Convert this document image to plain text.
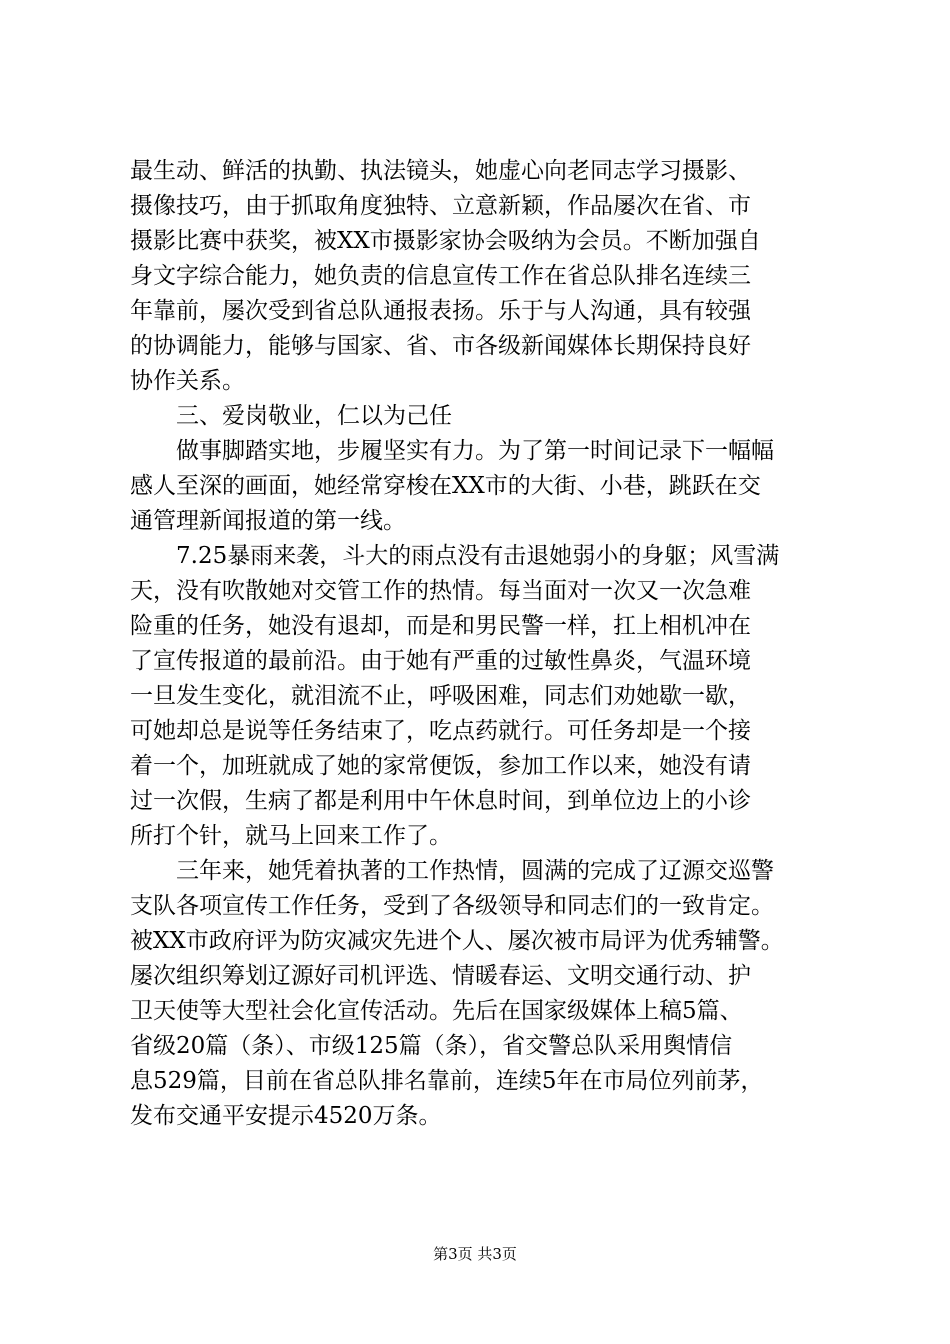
最生动、鲜活的执勤、执法镜头，她虚心向老同志学习摄影、
摄像技巧，由于抓取角度独特、立意新颖，作品屡次在省、市
摄影比赛中获奖，被XX市摄影家协会吸纳为会员。不断加强自
身文字综合能力，她负责的信息宣传工作在省总队排名连续三
年靠前，屡次受到省总队通报表扬。乐于与人沟通，具有较强
的协调能力，能够与国家、省、市各级新闻媒体长期保持良好
协作关系。
三、爱岗敬业，仁以为己任
做事脚踏实地，步履坚实有力。为了第一时间记录下一幅幅
感人至深的画面，她经常穿梭在XX市的大街、小巷，跳跃在交
通管理新闻报道的第一线。
7.25暴雨来袭，斗大的雨点没有击退她弱小的身躯；风雪满
天，没有吹散她对交管工作的热情。每当面对一次又一次急难
险重的任务，她没有退却，而是和男民警一样，扛上相机冲在
了宣传报道的最前沿。由于她有严重的过敏性鼻炎，气温环境
一旦发生变化，就泪流不止，呼吸困难，同志们劝她歇一歇，
可她却总是说等任务结束了，吃点药就行。可任务却是一个接
着一个，加班就成了她的家常便饭，参加工作以来，她没有请
过一次假，生病了都是利用中午休息时间，到单位边上的小诊
所打个针，就马上回来工作了。
三年来，她凭着执著的工作热情，圆满的完成了辽源交巡警
支队各项宣传工作任务，受到了各级领导和同志们的一致肯定。
被XX市政府评为防灾减灾先进个人、屡次被市局评为优秀辅警。
屡次组织筹划辽源好司机评选、情暖春运、文明交通行动、护
卫天使等大型社会化宣传活动。先后在国家级媒体上稿5篇、
省级20篇（条）、市级125篇（条），省交警总队采用舆情信
息529篇，目前在省总队排名靠前，连续5年在市局位列前茅，
发布交通平安提示4520万条。
第3页 共3页
